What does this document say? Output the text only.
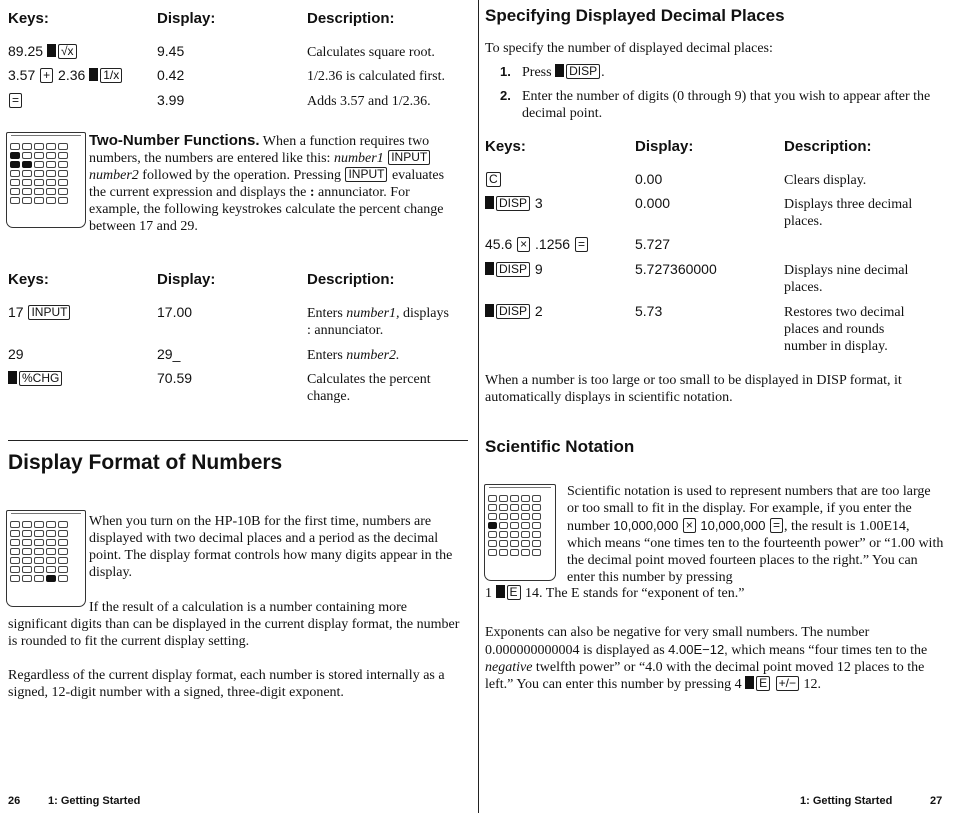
Keys:	Display:	Description:
89.25 √x	9.45	Calculates square root.
3.57 + 2.36 1/x	0.42	1/2.36 is calculated first.
=	3.99	Adds 3.57 and 1/2.36.
Two-Number Functions. When a function requires two numbers, the numbers are entered like this: number1 INPUT number2 followed by the operation. Pressing INPUT evaluates the current expression and displays the : annunciator. For example, the following keystrokes calculate the percent change between 17 and 29.
Keys:	Display:	Description:
17 INPUT	17.00	Enters number1, displays
: annunciator.
29	29_	Enters number2.
%CHG	70.59	Calculates the percent change.
Display Format of Numbers
When you turn on the HP-10B for the first time, numbers are displayed with two decimal places and a period as the decimal point. The display format controls how many digits appear in the display.
If the result of a calculation is a number containing more significant digits than can be displayed in the current display format, the number is rounded to fit the current display setting.
Regardless of the current display format, each number is stored internally as a signed, 12-digit number with a signed, three-digit exponent.
26	1: Getting Started
Specifying Displayed Decimal Places
To specify the number of displayed decimal places:
1. Press DISP .
2. Enter the number of digits (0 through 9) that you wish to appear after the decimal point.
Keys:	Display:	Description:
C	0.00	Clears display.
DISP 3	0.000	Displays three decimal places.
45.6 × .1256 =	5.727
DISP 9	5.727360000	Displays nine decimal places.
DISP 2	5.73	Restores two decimal places and rounds number in display.
When a number is too large or too small to be displayed in DISP format, it automatically displays in scientific notation.
Scientific Notation
Scientific notation is used to represent numbers that are too large or too small to fit in the display. For example, if you enter the number 10,000,000 × 10,000,000 = , the result is 1.00E14, which means “one times ten to the fourteenth power” or “1.00 with the decimal point moved fourteen places to the right.” You can enter this number by pressing
1 E 14. The E stands for “exponent of ten.”
Exponents can also be negative for very small numbers. The number 0.000000000004 is displayed as 4.00E−12, which means “four times ten to the negative twelfth power” or “4.0 with the decimal point moved 12 places to the left.” You can enter this number by pressing 4 E +/− 12.
1: Getting Started	27
